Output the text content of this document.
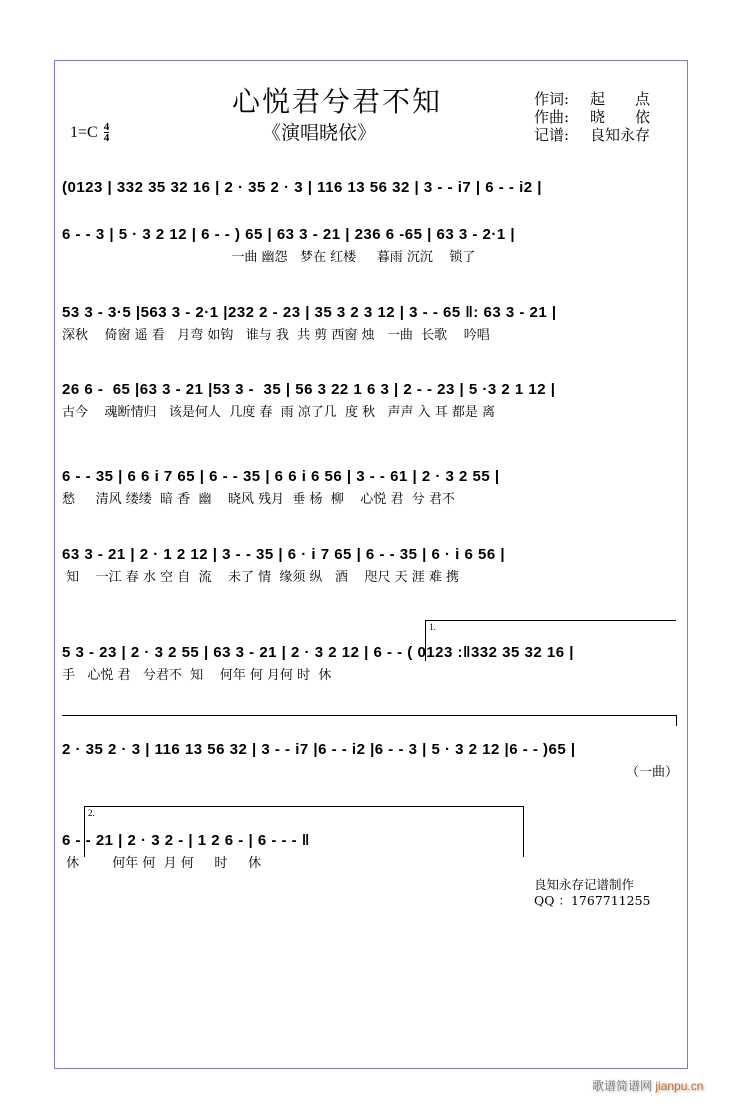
心悦君兮君不知
《演唱晓依》
$1=C \frac{4}{4}$
作词:	起　　点
作曲:	晓　　依
记谱:	良知永存
(0123 | 332 35 32 16 | 2 · 35 2 · 3 | 116 13 56 32 | 3 - - i7 | 6 - - i2 |
6 - - 3 | 5 · 3 2 12 | 6 - - ) 65 | 63 3 - 21 | 236 6 -65 | 63 3 - 2·1 |
一曲 幽怨   梦在 红楼     暮雨 沉沉    锁了
53 3 - 3·5 |563 3 - 2·1 |232 2 - 23 | 35 3 2 3 12 | 3 - - 65 ‖: 63 3 - 21 |
深秋    倚窗 遥 看   月弯 如钩   谁与 我  共 剪 西窗 烛   一曲  长歌    吟唱
26 6 -  65 |63 3 - 21 |53 3 -  35 | 56 3 22 1 6 3 | 2 - - 23 | 5 ·3 2 1 12 |
古今    魂断情归   该是何人  几度 春  雨 凉了几  度 秋   声声 入 耳 都是 离
6 - - 35 | 6 6 i 7 65 | 6 - - 35 | 6 6 i 6 56 | 3 - - 61 | 2 · 3 2 55 |
愁     清风 缕缕  暗 香  幽    晓风 残月  垂 杨  柳    心悦 君  兮 君不
63 3 - 21 | 2 · 1 2 12 | 3 - - 35 | 6 · i 7 65 | 6 - - 35 | 6 · i 6 56 |
知    一江 春 水 空 自  流    未了 情  缘须 纵   酒    咫尺 天 涯 难 携
1.
5 3 - 23 | 2 · 3 2 55 | 63 3 - 21 | 2 · 3 2 12 | 6 - - ( 0123 :‖332 35 32 16 |
手   心悦 君   兮君不  知    何年 何 月何 时  休
2 · 35 2 · 3 | 116 13 56 32 | 3 - - i7 |6 - - i2 |6 - - 3 | 5 · 3 2 12 |6 - - )65 |
（一曲）
2.
6 - - 21 | 2 · 3 2 - | 1 2 6 - | 6 - - - ‖
休        何年 何  月 何     时     休
良知永存记谱制作
QQ ：1767711255
歌谱简谱网 jianpu.cn
